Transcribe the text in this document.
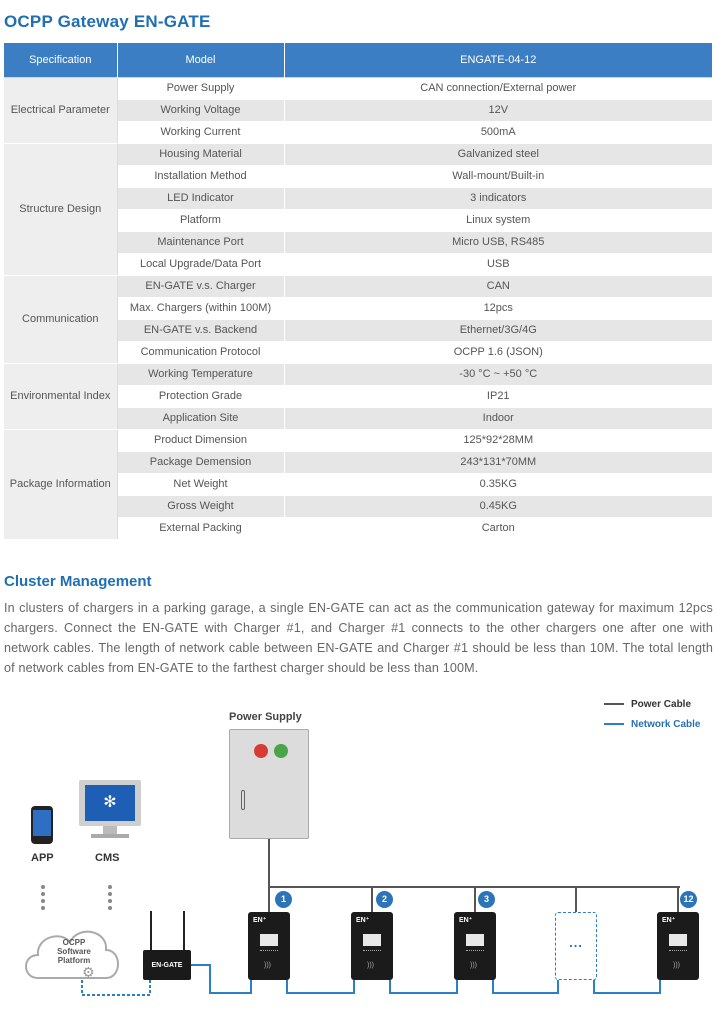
OCPP Gateway EN-GATE
Specification	Model	ENGATE-04-12
Electrical Parameter	Power Supply	CAN connection/External power
	Working Voltage	12V
	Working Current	500mA
Structure Design	Housing Material	Galvanized steel
	Installation Method	Wall-mount/Built-in
	LED Indicator	3 indicators
	Platform	Linux system
	Maintenance Port	Micro USB, RS485
	Local Upgrade/Data Port	USB
Communication	EN-GATE v.s. Charger	CAN
	Max. Chargers (within 100M)	12pcs
	EN-GATE v.s. Backend	Ethernet/3G/4G
	Communication Protocol	OCPP 1.6 (JSON)
Environmental Index	Working Temperature	-30 °C ~ +50 °C
	Protection Grade	IP21
	Application Site	Indoor
Package Information	Product Dimension	125*92*28MM
	Package Demension	243*131*70MM
	Net Weight	0.35KG
	Gross Weight	0.45KG
	External Packing	Carton
Cluster Management
In clusters of chargers in a parking garage, a single EN-GATE can act as the communication gateway for maximum 12pcs chargers. Connect the EN-GATE with Charger #1, and Charger #1 connects to the other chargers one after one with network cables. The length of network cable between EN-GATE and Charger #1 should be less than 10M. The total length of network cables from EN-GATE to the farthest charger should be less than 100M.
Power Cable
Network Cable
Power Supply
✻
APP	CMS
OCPP Software Platform
⚙	EN-GATE
EN⁺
)))
EN⁺
)))
EN⁺
)))
...
EN⁺
)))
1	2	3	12
